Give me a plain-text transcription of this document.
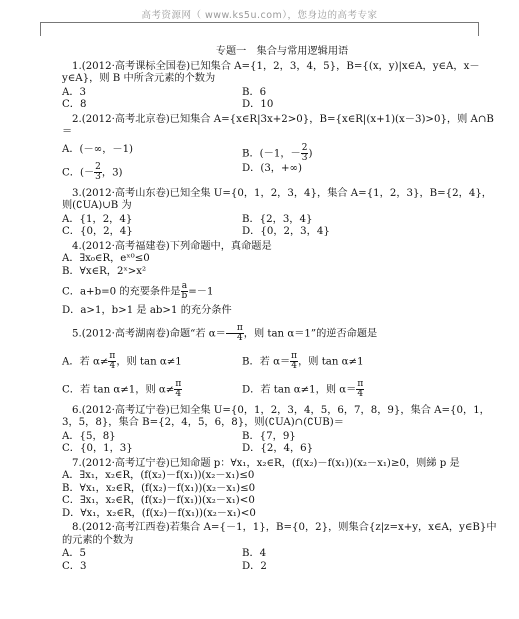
高考资源网（ www.ks5u.com），您身边的高考专家
专题一　集合与常用逻辑用语
1.(2012·高考课标全国卷)已知集合 A={1，2，3，4，5}，B={(x，y)|x∈A，y∈A，x－y∈A}，则 B 中所含元素的个数为
A．3	B．6
C．8	D．10
2.(2012·高考北京卷)已知集合 A={x∈R|3x+2>0}，B={x∈R|(x+1)(x－3)>0}，则 A∩B＝
A．(－∞，－1)	B．(－1，－ $\frac{2}{3}$ )
C．(－ $\frac{2}{3}$ ，3)	D．(3，+∞)
3.(2012·高考山东卷)已知全集 U={0，1，2，3，4}，集合 A={1，2，3}，B={2，4}，则(∁UA)∪B 为
A．{1，2，4}	B．{2，3，4}
C．{0，2，4}	D．{0，2，3，4}
4.(2012·高考福建卷)下列命题中，真命题是
A．∃x₀∈R，eˣ⁰≤0
B．∀x∈R，2ˣ>x²
C．a+b=0 的充要条件是 $\frac{a}{b} =-1$
D．a>1，b>1 是 ab>1 的充分条件
5.(2012·高考湖南卷)命题“若 $\alpha= \frac{\pi}{4}$ ，则 tan α＝1”的逆否命题是
A．若 $\alpha\ne \frac{\pi}{4}$ ，则 tan α≠1	B．若 $\alpha= \frac{\pi}{4}$ ，则 tan α≠1
C．若 tan α≠1，则 $\alpha\ne \frac{\pi}{4}$	D．若 tan α≠1，则 $\alpha= \frac{\pi}{4}$
6.(2012·高考辽宁卷)已知全集 U={0，1，2，3，4，5，6，7，8，9}，集合 A={0，1，3，5，8}，集合 B={2，4，5，6，8}，则(∁UA)∩(∁UB)＝
A．{5，8}	B．{7，9}
C．{0，1，3}	D．{2，4，6}
7.(2012·高考辽宁卷)已知命题 p：∀x₁，x₂∈R，(f(x₂)－f(x₁))(x₂－x₁)≥0，则綈 p 是
A．∃x₁，x₂∈R，(f(x₂)－f(x₁))(x₂－x₁)≤0
B．∀x₁，x₂∈R，(f(x₂)－f(x₁))(x₂－x₁)≤0
C．∃x₁，x₂∈R，(f(x₂)－f(x₁))(x₂－x₁)<0
D．∀x₁，x₂∈R，(f(x₂)－f(x₁))(x₂－x₁)<0
8.(2012·高考江西卷)若集合 A={－1，1}，B={0，2}，则集合{z|z=x+y，x∈A，y∈B}中的元素的个数为
A．5	B．4
C．3	D．2
